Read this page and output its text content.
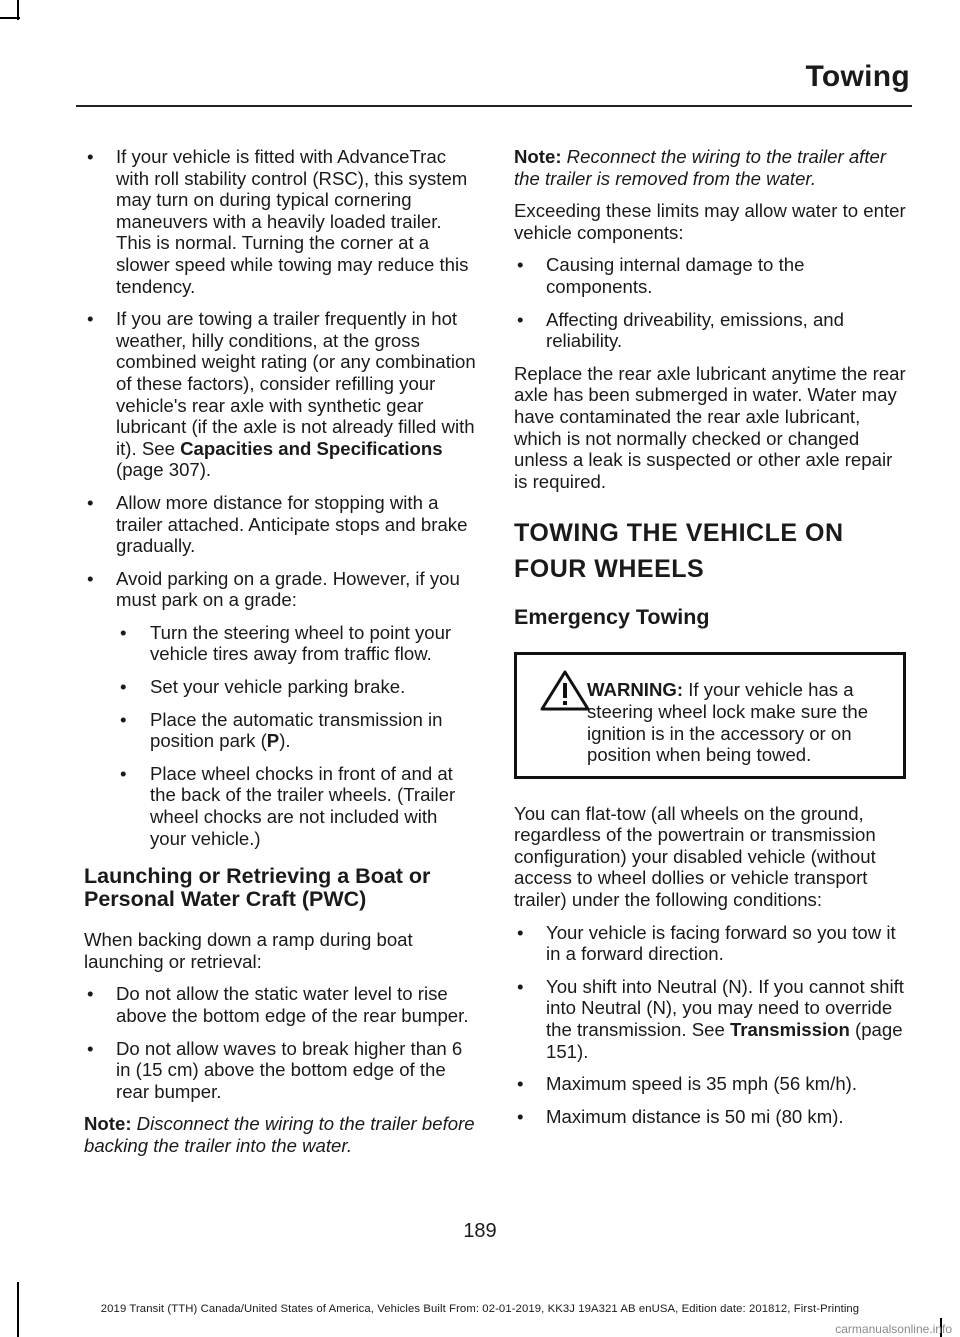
Towing
• If your vehicle is fitted with AdvanceTrac with roll stability control (RSC), this system may turn on during typical cornering maneuvers with a heavily loaded trailer. This is normal. Turning the corner at a slower speed while towing may reduce this tendency.
• If you are towing a trailer frequently in hot weather, hilly conditions, at the gross combined weight rating (or any combination of these factors), consider refilling your vehicle's rear axle with synthetic gear lubricant (if the axle is not already filled with it). See Capacities and Specifications (page 307).
• Allow more distance for stopping with a trailer attached. Anticipate stops and brake gradually.
• Avoid parking on a grade. However, if you must park on a grade:
• Turn the steering wheel to point your vehicle tires away from traffic flow.
• Set your vehicle parking brake.
• Place the automatic transmission in position park (P).
• Place wheel chocks in front of and at the back of the trailer wheels. (Trailer wheel chocks are not included with your vehicle.)
Launching or Retrieving a Boat or Personal Water Craft (PWC)
When backing down a ramp during boat launching or retrieval:
• Do not allow the static water level to rise above the bottom edge of the rear bumper.
• Do not allow waves to break higher than 6 in (15 cm) above the bottom edge of the rear bumper.
Note: Disconnect the wiring to the trailer before backing the trailer into the water.
Note: Reconnect the wiring to the trailer after the trailer is removed from the water.
Exceeding these limits may allow water to enter vehicle components:
• Causing internal damage to the components.
• Affecting driveability, emissions, and reliability.
Replace the rear axle lubricant anytime the rear axle has been submerged in water. Water may have contaminated the rear axle lubricant, which is not normally checked or changed unless a leak is suspected or other axle repair is required.
TOWING THE VEHICLE ON
FOUR WHEELS
Emergency Towing
WARNING: If your vehicle has a steering wheel lock make sure the ignition is in the accessory or on position when being towed.
You can flat-tow (all wheels on the ground, regardless of the powertrain or transmission configuration) your disabled vehicle (without access to wheel dollies or vehicle transport trailer) under the following conditions:
• Your vehicle is facing forward so you tow it in a forward direction.
• You shift into Neutral (N). If you cannot shift into Neutral (N), you may need to override the transmission. See Transmission (page 151).
• Maximum speed is 35 mph (56 km/h).
• Maximum distance is 50 mi (80 km).
189
2019 Transit (TTH) Canada/United States of America, Vehicles Built From: 02-01-2019, KK3J 19A321 AB enUSA, Edition date: 201812, First-Printing
carmanualsonline.info
